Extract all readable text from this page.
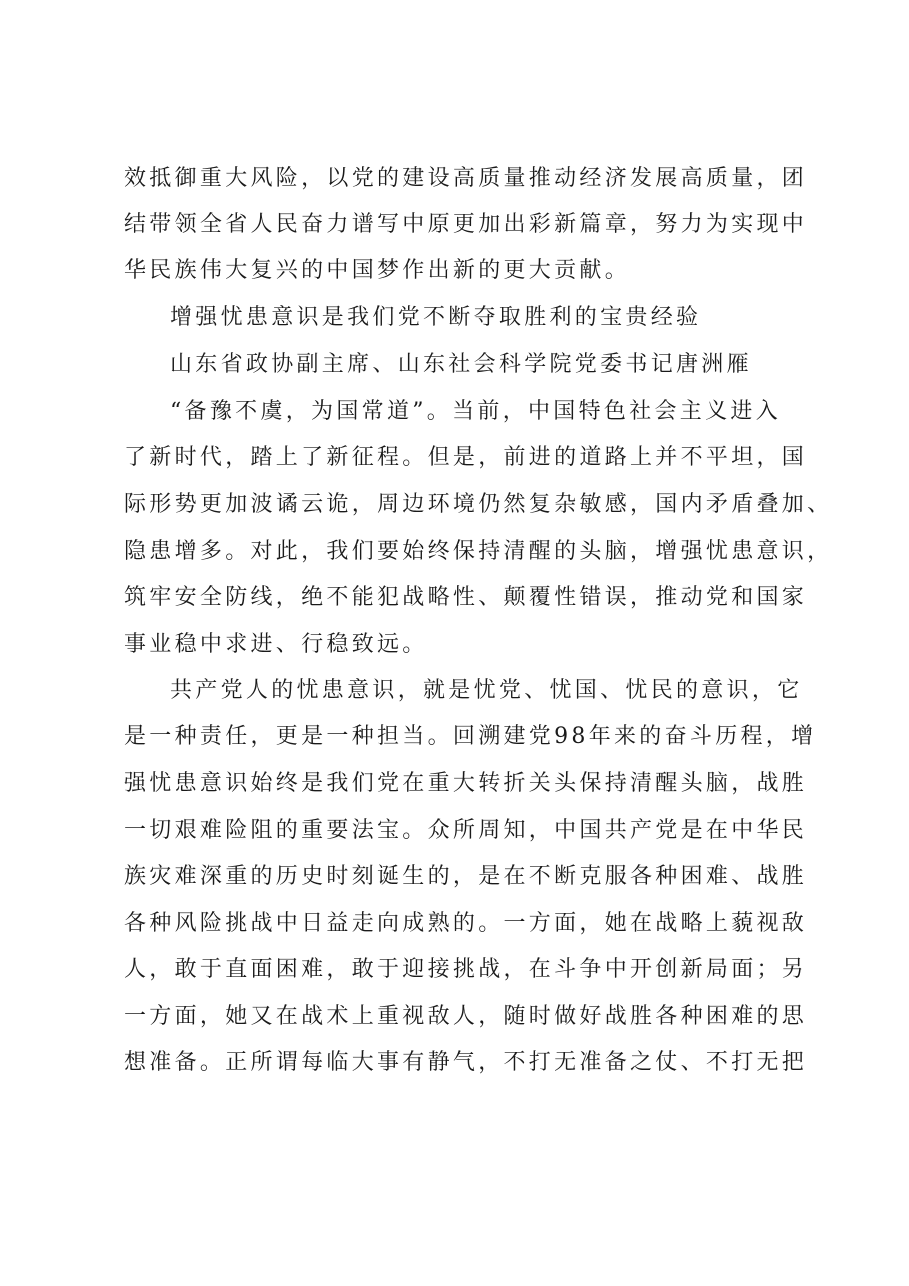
效抵御重大风险，以党的建设高质量推动经济发展高质量，团
结带领全省人民奋力谱写中原更加出彩新篇章，努力为实现中
华民族伟大复兴的中国梦作出新的更大贡献。
增强忧患意识是我们党不断夺取胜利的宝贵经验
山东省政协副主席、山东社会科学院党委书记唐洲雁
“备豫不虞，为国常道”。当前，中国特色社会主义进入
了新时代，踏上了新征程。但是，前进的道路上并不平坦，国
际形势更加波谲云诡，周边环境仍然复杂敏感，国内矛盾叠加、
隐患增多。对此，我们要始终保持清醒的头脑，增强忧患意识，
筑牢安全防线，绝不能犯战略性、颠覆性错误，推动党和国家
事业稳中求进、行稳致远。
共产党人的忧患意识，就是忧党、忧国、忧民的意识，它
是一种责任，更是一种担当。回溯建党98年来的奋斗历程，增
强忧患意识始终是我们党在重大转折关头保持清醒头脑，战胜
一切艰难险阻的重要法宝。众所周知，中国共产党是在中华民
族灾难深重的历史时刻诞生的，是在不断克服各种困难、战胜
各种风险挑战中日益走向成熟的。一方面，她在战略上藐视敌
人，敢于直面困难，敢于迎接挑战，在斗争中开创新局面；另
一方面，她又在战术上重视敌人，随时做好战胜各种困难的思
想准备。正所谓每临大事有静气，不打无准备之仗、不打无把
